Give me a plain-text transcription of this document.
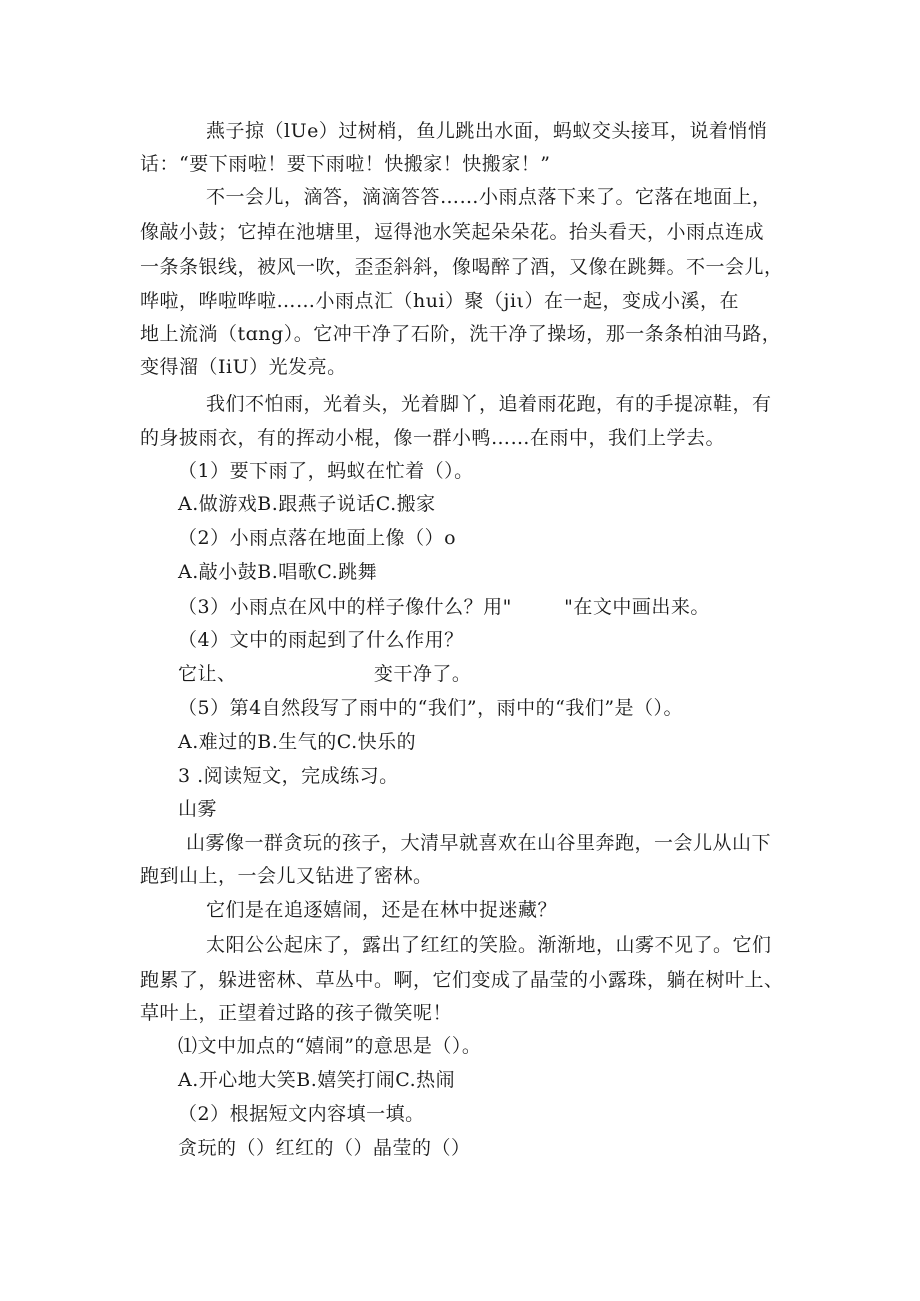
燕子掠（lUe）过树梢，鱼儿跳出水面，蚂蚁交头接耳，说着悄悄
话：“要下雨啦！要下雨啦！快搬家！快搬家！”
不一会儿，滴答，滴滴答答……小雨点落下来了。它落在地面上，
像敲小鼓；它掉在池塘里，逗得池水笑起朵朵花。抬头看天，小雨点连成
一条条银线，被风一吹，歪歪斜斜，像喝醉了酒，又像在跳舞。不一会儿，
哗啦，哗啦哗啦……小雨点汇（hui）聚（jiι）在一起，变成小溪，在
地上流淌（tɑng）。它冲干净了石阶，洗干净了操场，那一条条柏油马路，
变得溜（IiU）光发亮。
我们不怕雨，光着头，光着脚丫，追着雨花跑，有的手提凉鞋，有
的身披雨衣，有的挥动小棍，像一群小鸭……在雨中，我们上学去。
（1）要下雨了，蚂蚁在忙着（）。
A.做游戏B.跟燕子说话C.搬家
（2）小雨点落在地面上像（）o
A.敲小鼓B.唱歌C.跳舞
（3）小雨点在风中的样子像什么？用"        "在文中画出来。
（4）文中的雨起到了什么作用？
它让、                     变干净了。
（5）第4自然段写了雨中的“我们”，雨中的“我们”是（）。
A.难过的B.生气的C.快乐的
3 .阅读短文，完成练习。
山雾
山雾像一群贪玩的孩子，大清早就喜欢在山谷里奔跑，一会儿从山下
跑到山上，一会儿又钻进了密林。
它们是在追逐嬉闹，还是在林中捉迷藏？
太阳公公起床了，露出了红红的笑脸。渐渐地，山雾不见了。它们
跑累了，躲进密林、草丛中。啊，它们变成了晶莹的小露珠，躺在树叶上、
草叶上，正望着过路的孩子微笑呢！
⑴文中加点的“嬉闹”的意思是（）。
A.开心地大笑B.嬉笑打闹C.热闹
（2）根据短文内容填一填。
贪玩的（）红红的（）晶莹的（）
